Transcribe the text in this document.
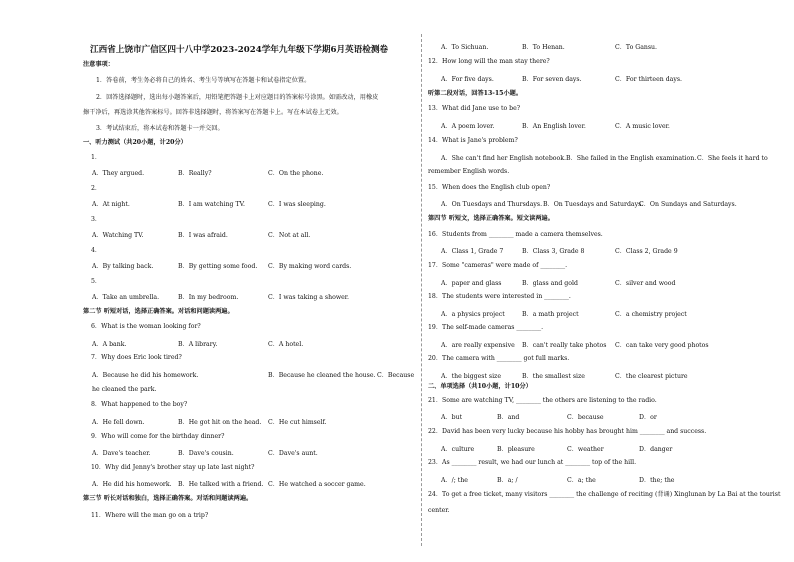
江西省上饶市广信区四十八中学2023-2024学年九年级下学期6月英语检测卷
注意事项：
1．答卷前，考生务必将自己的姓名、考生号等填写在答题卡和试卷指定位置。
2．回答选择题时，选出每小题答案后，用铅笔把答题卡上对应题目的答案标号涂黑。如需改动，用橡皮
擦干净后，再选涂其他答案标号。回答非选择题时，将答案写在答题卡上。写在本试卷上无效。
3．考试结束后，将本试卷和答题卡一并交回。
一、听力测试（共20小题，计20分）
1．
A．They argued.	B．Really?	C．On the phone.
2．
A．At night.	B．I am watching TV.	C．I was sleeping.
3．
A．Watching TV.	B．I was afraid.	C．Not at all.
4．
A．By talking back.	B．By getting some food. C．By making word cards.
5．
A．Take an umbrella.	B．In my bedroom.	C．I was taking a shower.
第二节 听短对话，选择正确答案。对话和问题读两遍。
6．What is the woman looking for?
A．A bank.	B．A library.	C．A hotel.
7．Why does Eric look tired?
A．Because he did his homework.	B．Because he cleaned the house. C．Because
he cleaned the park.
8．What happened to the boy?
A．He fell down.	B．He got hit on the head. C．He cut himself.
9．Who will come for the birthday dinner?
A．Dave's teacher.	B．Dave's cousin.	C．Dave's aunt.
10．Why did Jenny's brother stay up late last night?
A．He did his homework. B．He talked with a friend. C．He watched a soccer game.
第三节 听长对话和独白，选择正确答案。对话和问题读两遍。
11．Where will the man go on a trip?
A．To Sichuan.	B．To Henan.	C．To Gansu.
12．How long will the man stay there?
A．For five days.	B．For seven days.	C．For thirteen days.
听第二段对话，回答13-15小题。
13．What did Jane use to be?
A．A poem lover.	B．An English lover.	C．A music lover.
14．What is Jane's problem?
A．She can't find her English notebook. B．She failed in the English examination. C．She feels it hard to
remember English words.
15．When does the English club open?
A．On Tuesdays and Thursdays. B．On Tuesdays and Saturdays.
C．On Sundays and Saturdays.
第四节 听短文，选择正确答案。短文读两遍。
16．Students from ________ made a camera themselves.
A．Class 1, Grade 7	B．Class 3, Grade 8	C．Class 2, Grade 9
17．Some "cameras" were made of ________.
A．paper and glass	B．glass and gold	C．silver and wood
18．The students were interested in ________.
A．a physics project	B．a math project	C．a chemistry project
19．The self-made cameras ________.
A．are really expensive B．can't really take photos C．can take very good photos
20．The camera with ________ got full marks.
A．the biggest size	B．the smallest size	C．the clearest picture
二、单项选择（共10小题，计10分）
21．Some are watching TV, ________ the others are listening to the radio.
A．but	B．and	C．because	D．or
22．David has been very lucky because his hobby has brought him ________ and success.
A．culture	B．pleasure	C．weather	D．danger
23．As ________ result, we had our lunch at ________ top of the hill.
A．/; the	B．a; /	C．a; the	D．the; the
24．To get a free ticket, many visitors ________ the challenge of reciting (背诵) Xinglunan by La Bai at the tourist
center.
